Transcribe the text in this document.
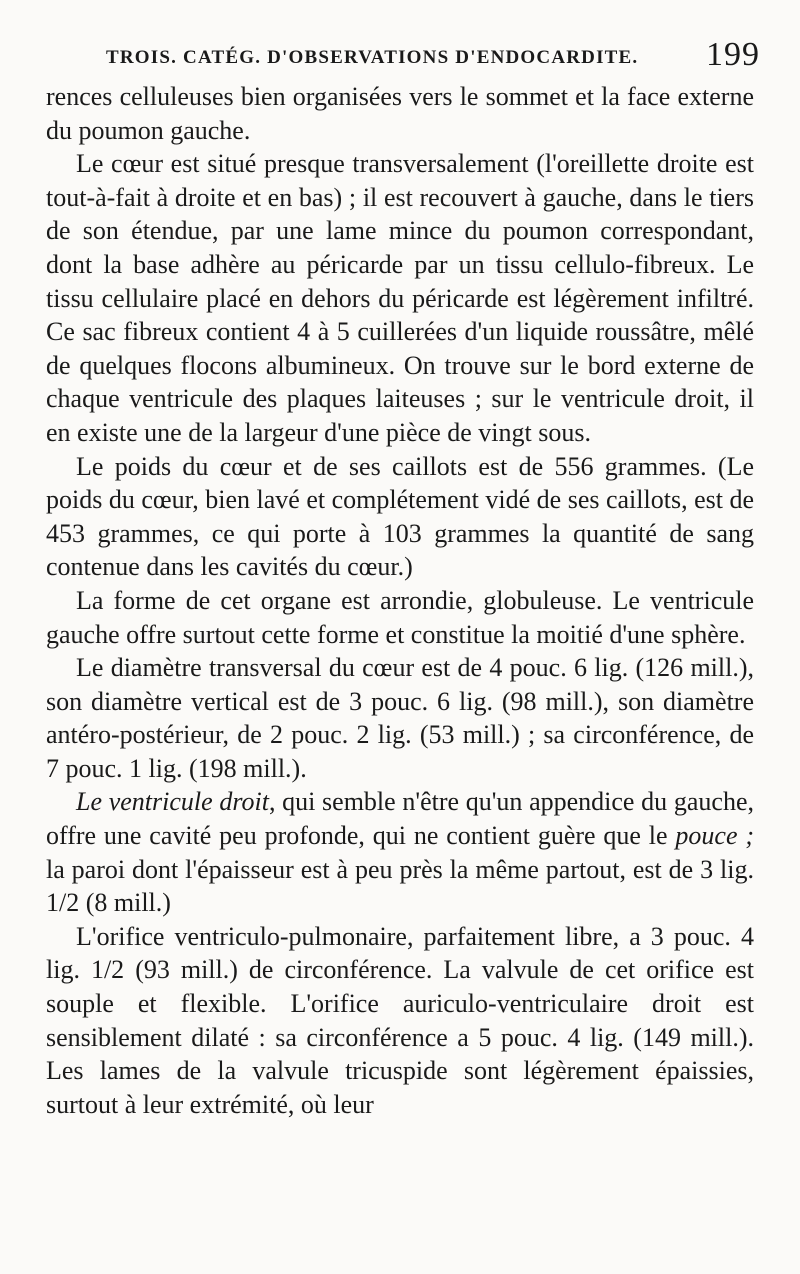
TROIS. CATÉG. D'OBSERVATIONS D'ENDOCARDITE. 199

rences celluleuses bien organisées vers le sommet et la face externe du poumon gauche.

Le cœur est situé presque transversalement (l'oreillette droite est tout-à-fait à droite et en bas) ; il est recouvert à gauche, dans le tiers de son étendue, par une lame mince du poumon correspondant, dont la base adhère au péricarde par un tissu cellulo-fibreux. Le tissu cellulaire placé en dehors du péricarde est légèrement infiltré. Ce sac fibreux contient 4 à 5 cuillerées d'un liquide roussâtre, mêlé de quelques flocons albumineux. On trouve sur le bord externe de chaque ventricule des plaques laiteuses ; sur le ventricule droit, il en existe une de la largeur d'une pièce de vingt sous.

Le poids du cœur et de ses caillots est de 556 grammes. (Le poids du cœur, bien lavé et complétement vidé de ses caillots, est de 453 grammes, ce qui porte à 103 grammes la quantité de sang contenue dans les cavités du cœur.)

La forme de cet organe est arrondie, globuleuse. Le ventricule gauche offre surtout cette forme et constitue la moitié d'une sphère.

Le diamètre transversal du cœur est de 4 pouc. 6 lig. (126 mill.), son diamètre vertical est de 3 pouc. 6 lig. (98 mill.), son diamètre antéro-postérieur, de 2 pouc. 2 lig. (53 mill.) ; sa circonférence, de 7 pouc. 1 lig. (198 mill.).

Le ventricule droit, qui semble n'être qu'un appendice du gauche, offre une cavité peu profonde, qui ne contient guère que le pouce ; la paroi dont l'épaisseur est à peu près la même partout, est de 3 lig. 1/2 (8 mill.)

L'orifice ventriculo-pulmonaire, parfaitement libre, a 3 pouc. 4 lig. 1/2 (93 mill.) de circonférence. La valvule de cet orifice est souple et flexible. L'orifice auriculo-ventriculaire droit est sensiblement dilaté : sa circonférence a 5 pouc. 4 lig. (149 mill.). Les lames de la valvule tricuspide sont légèrement épaissies, surtout à leur extrémité, où leur
